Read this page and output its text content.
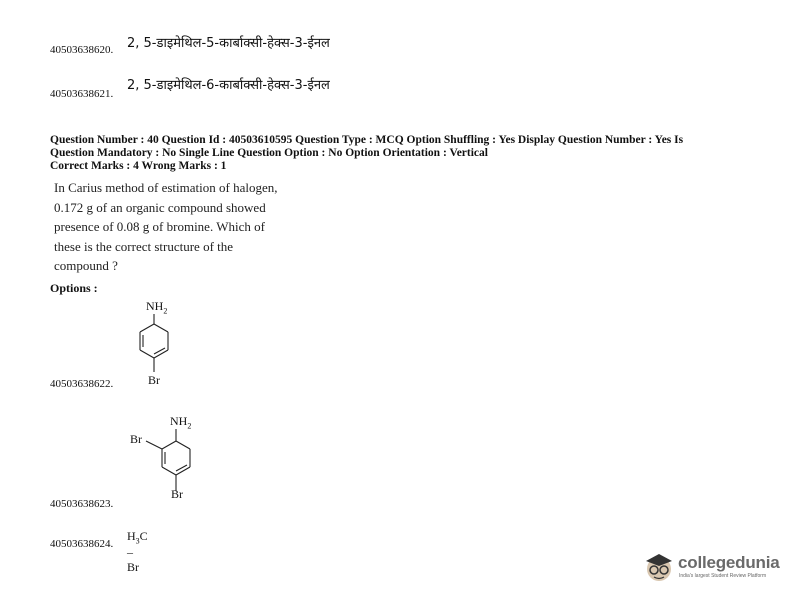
40503638620. 2, 5-डाइमेथिल-5-कार्बाक्सी-हेक्स-3-ईनल
40503638621.
2, 5-डाइमेथिल-6-कार्बाक्सी-हेक्स-3-ईनल
Question Number : 40 Question Id : 40503610595 Question Type : MCQ Option Shuffling : Yes Display Question Number : Yes Is
Question Mandatory : No Single Line Question Option : No Option Orientation : Vertical
Correct Marks : 4 Wrong Marks : 1
In Carius method of estimation of halogen,
0.172 g of an organic compound showed
presence of 0.08 g of bromine. Which of
these is the correct structure of the
compound ?
Options :
$NH_2$
Br
40503638622.
$NH_2$
Br
Br
40503638623.
$H_3C$ – Br
40503638624.
collegedunia
India's largest Student Review Platform
